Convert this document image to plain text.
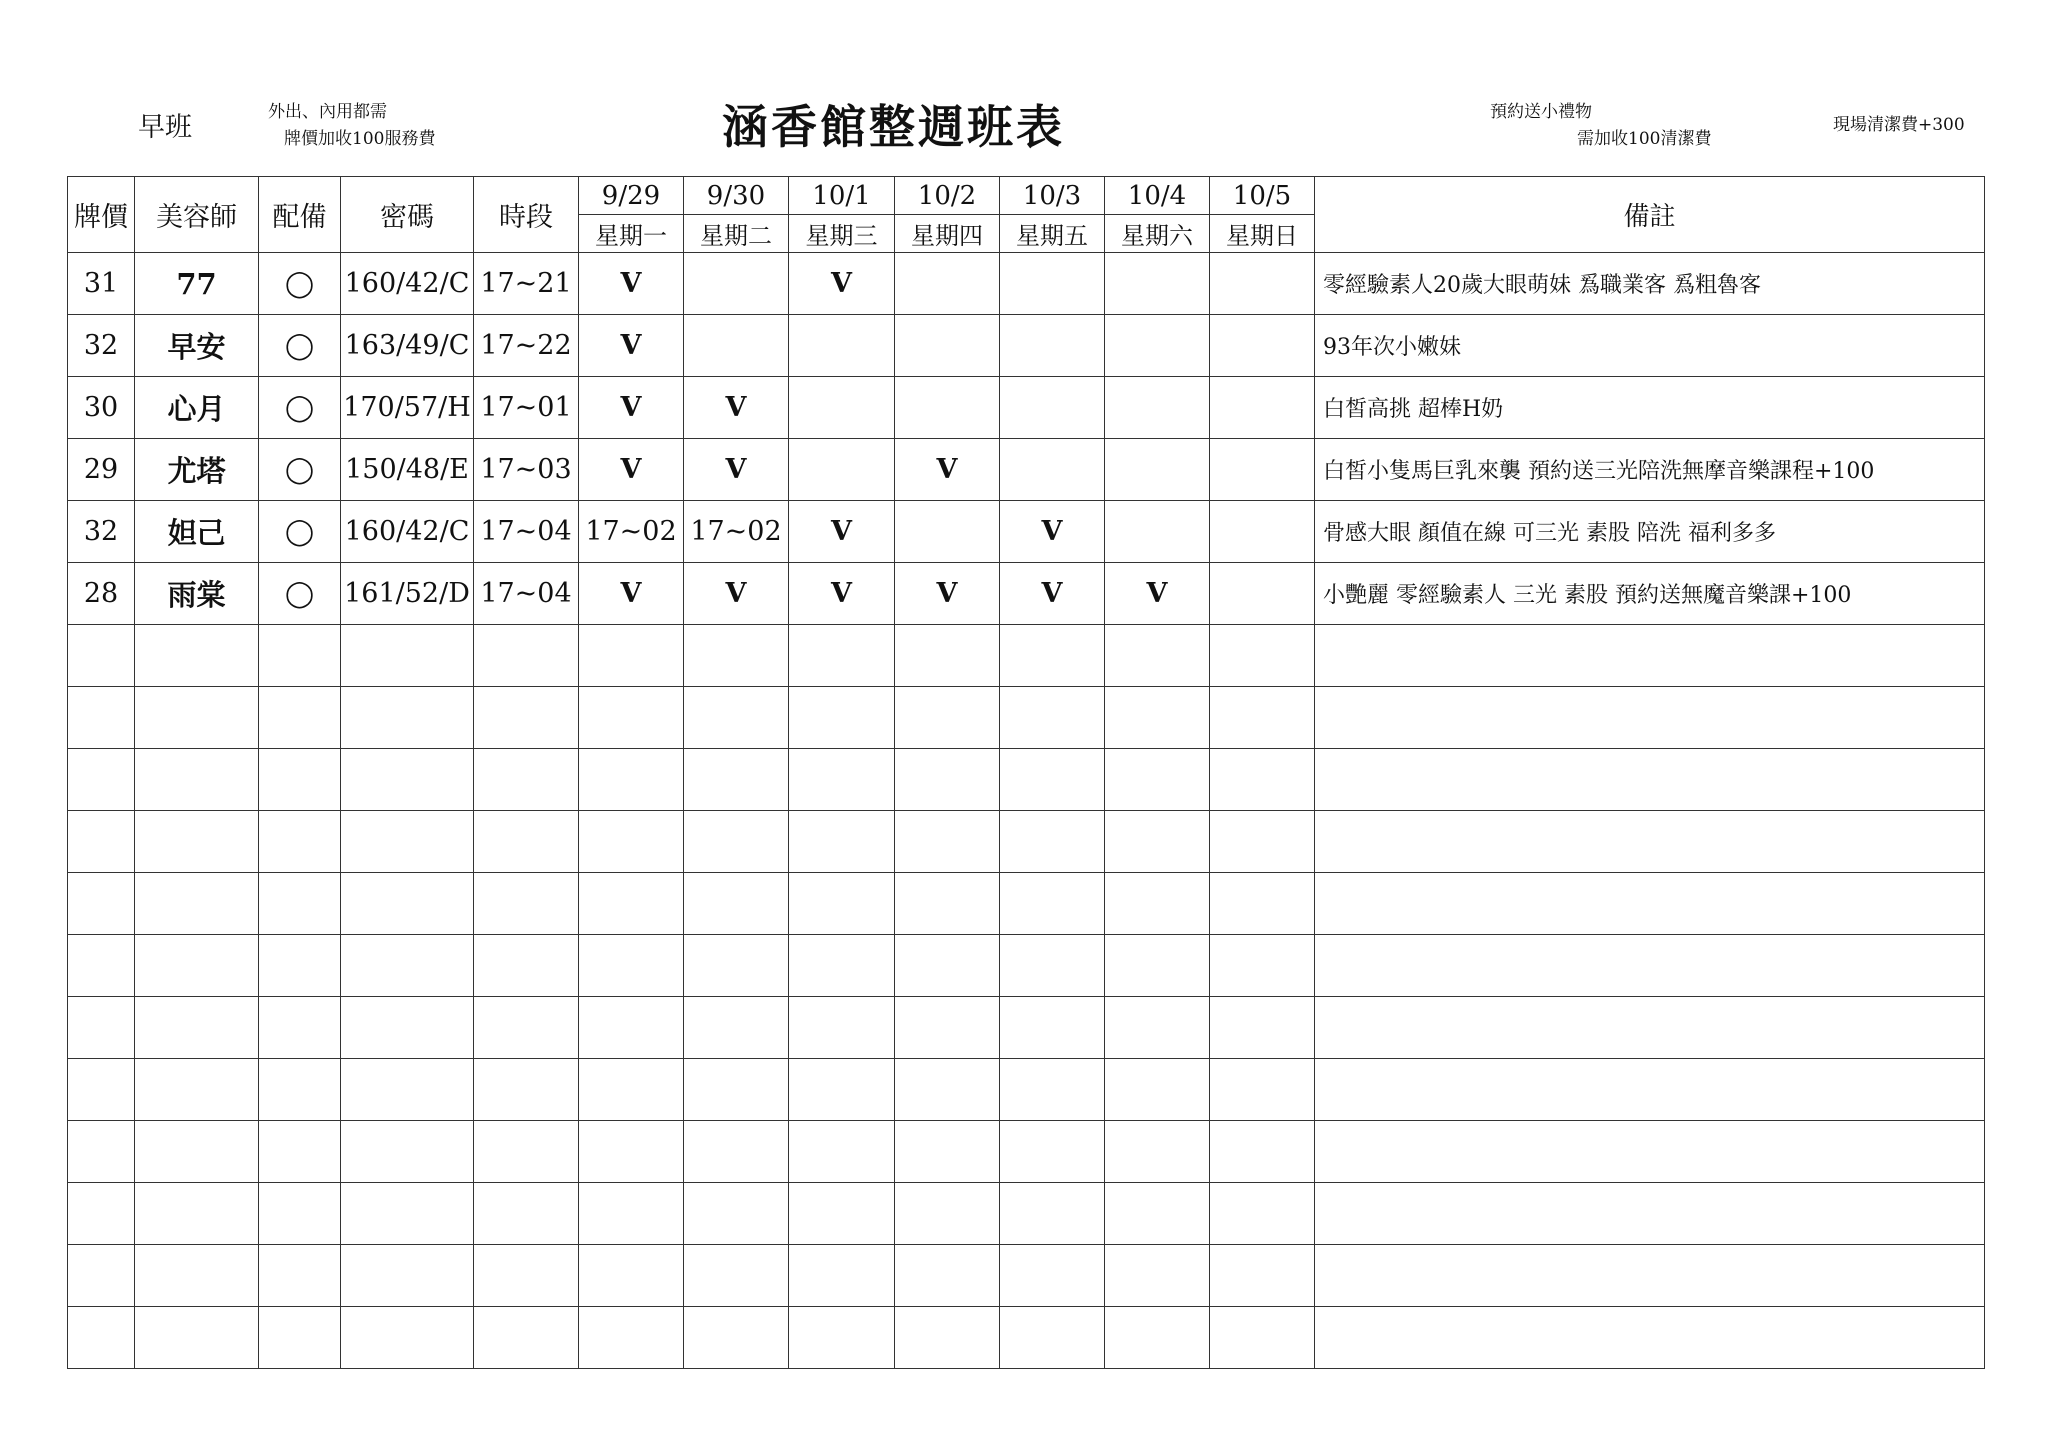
早班	外出、內用都需
牌價加收100服務費	涵香館整週班表	預約送小禮物
需加收100清潔費
現場清潔費+300
牌價	美容師	配備	密碼	時段	9/29	9/30	10/1	10/2	10/3	10/4	10/5	備註
					星期一	星期二	星期三	星期四	星期五	星期六	星期日	
31	77	◯	160/42/C	17~21	V		V					零經驗素人20歲大眼萌妹 𤔡職業客 𤔡粗魯客
32	早安	◯	163/49/C	17~22	V							93年次小嫩妹
30	心月	◯	170/57/H	17~01	V	V						白皙高挑 超棒H奶
29	尤塔	◯	150/48/E	17~03	V	V		V				白皙小隻馬巨乳來襲 預約送三光陪洗無摩音樂課程+100
32	妲己	◯	160/42/C	17~04	17~02	17~02	V		V			骨感大眼 顏值在線 可三光 素股 陪洗 福利多多
28	雨棠	◯	161/52/D	17~04	V	V	V	V	V	V		小艷麗 零經驗素人 三光 素股 預約送無魔音樂課+100
